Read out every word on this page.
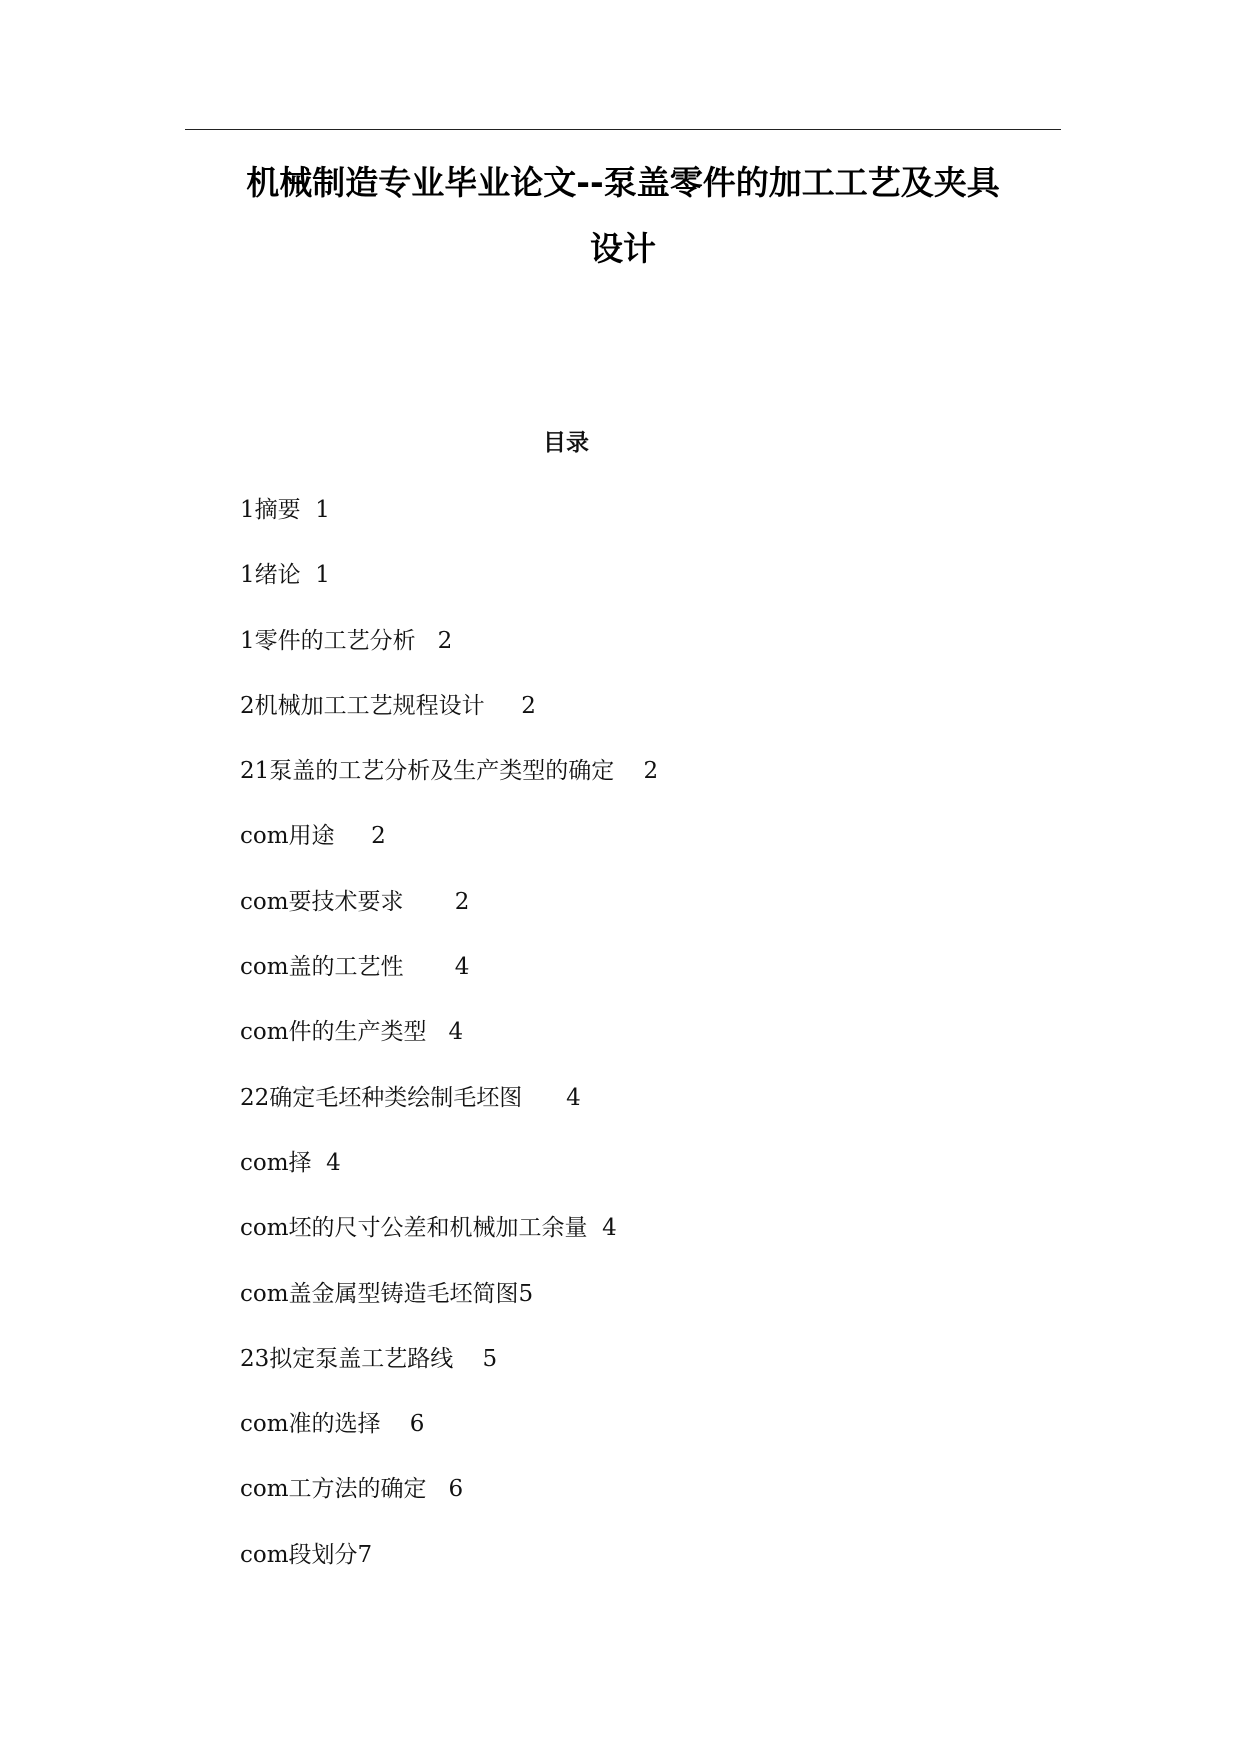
机械制造专业毕业论文--泵盖零件的加工工艺及夹具
设计
目录
1摘要 1
1绪论 1
1零件的工艺分析 2
2机械加工工艺规程设计 2
21泵盖的工艺分析及生产类型的确定 2
com用途 2
com要技术要求 2
com盖的工艺性 4
com件的生产类型 4
22确定毛坯种类绘制毛坯图 4
com择 4
com坯的尺寸公差和机械加工余量 4
com盖金属型铸造毛坯简图5
23拟定泵盖工艺路线 5
com准的选择 6
com工方法的确定 6
com段划分7
